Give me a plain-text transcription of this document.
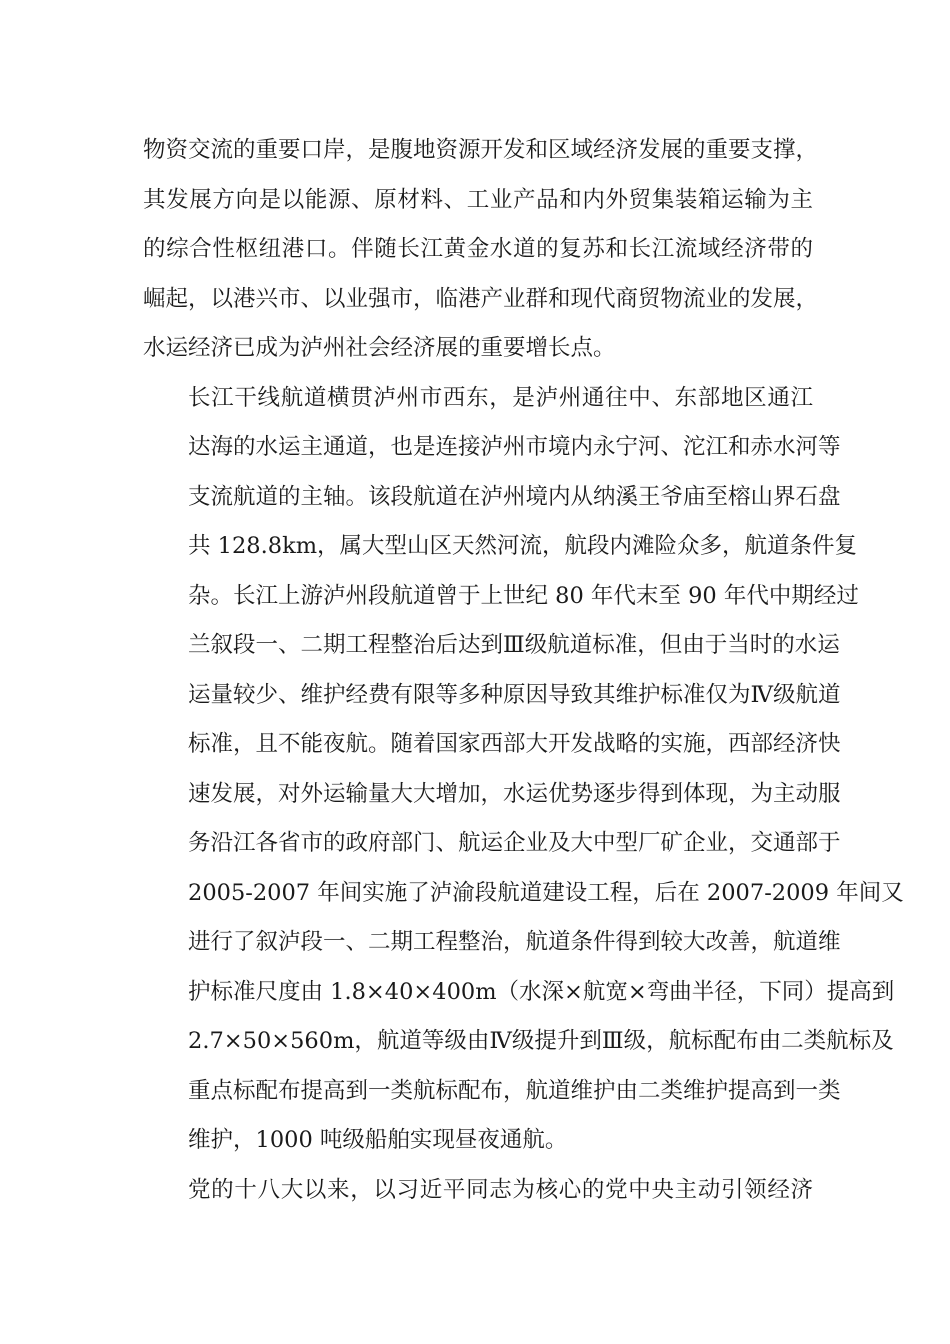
物资交流的重要口岸，是腹地资源开发和区域经济发展的重要支撑，
其发展方向是以能源、原材料、工业产品和内外贸集装箱运输为主
的综合性枢纽港口。伴随长江黄金水道的复苏和长江流域经济带的
崛起，以港兴市、以业强市，临港产业群和现代商贸物流业的发展，
水运经济已成为泸州社会经济展的重要增长点。

长江干线航道横贯泸州市西东，是泸州通往中、东部地区通江
达海的水运主通道，也是连接泸州市境内永宁河、沱江和赤水河等
支流航道的主轴。该段航道在泸州境内从纳溪王爷庙至榕山界石盘
共 128.8km，属大型山区天然河流，航段内滩险众多，航道条件复
杂。长江上游泸州段航道曾于上世纪 80 年代末至 90 年代中期经过
兰叙段一、二期工程整治后达到Ⅲ级航道标准，但由于当时的水运
运量较少、维护经费有限等多种原因导致其维护标准仅为Ⅳ级航道
标准，且不能夜航。随着国家西部大开发战略的实施，西部经济快
速发展，对外运输量大大增加，水运优势逐步得到体现，为主动服
务沿江各省市的政府部门、航运企业及大中型厂矿企业，交通部于
2005-2007 年间实施了泸渝段航道建设工程，后在 2007-2009 年间又
进行了叙泸段一、二期工程整治，航道条件得到较大改善，航道维
护标准尺度由 1.8×40×400m（水深×航宽×弯曲半径，下同）提高到
2.7×50×560m，航道等级由Ⅳ级提升到Ⅲ级，航标配布由二类航标及
重点标配布提高到一类航标配布，航道维护由二类维护提高到一类
维护，1000 吨级船舶实现昼夜通航。

党的十八大以来，以习近平同志为核心的党中央主动引领经济
